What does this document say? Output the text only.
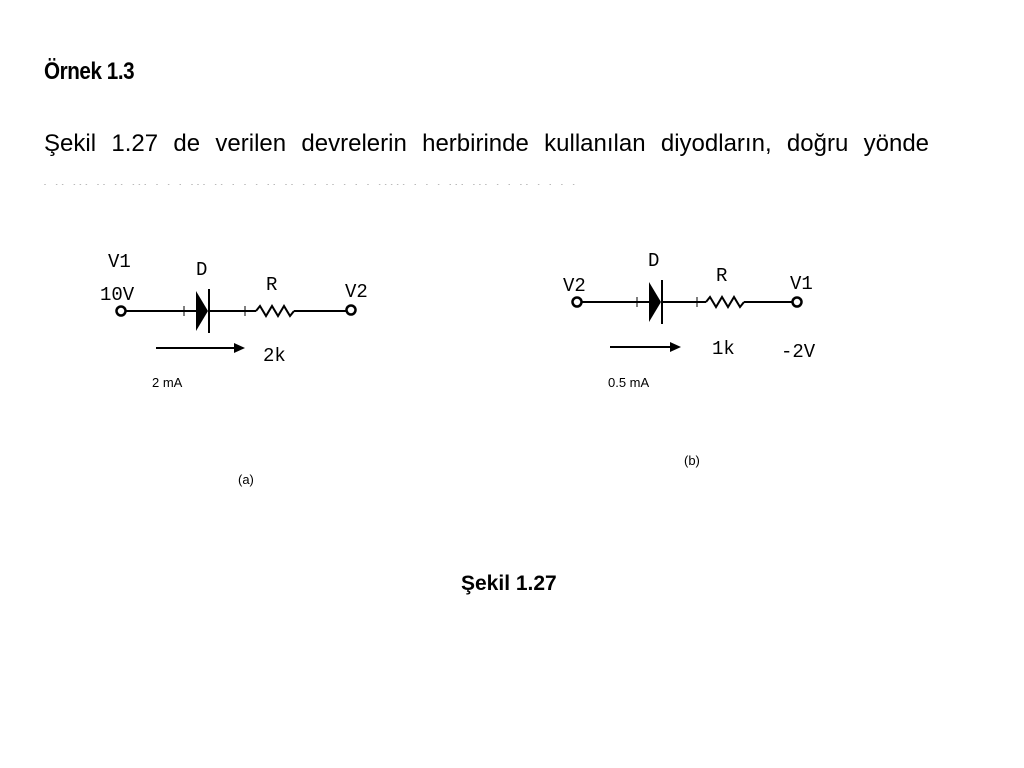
Örnek 1.3
Şekil 1.27 de verilen devrelerin herbirinde kullanılan diyodların, doğru yönde
- -- --- -- -- --- - - - --- -- - - - -- -- - - -- - - - ----- - - - --- --- - - -- - - - -
V1
10V
D
R
2k
V2
2 mA
(a)
V2
D
R	V1
1k -2V
0.5 mA
(b)
Şekil 1.27
